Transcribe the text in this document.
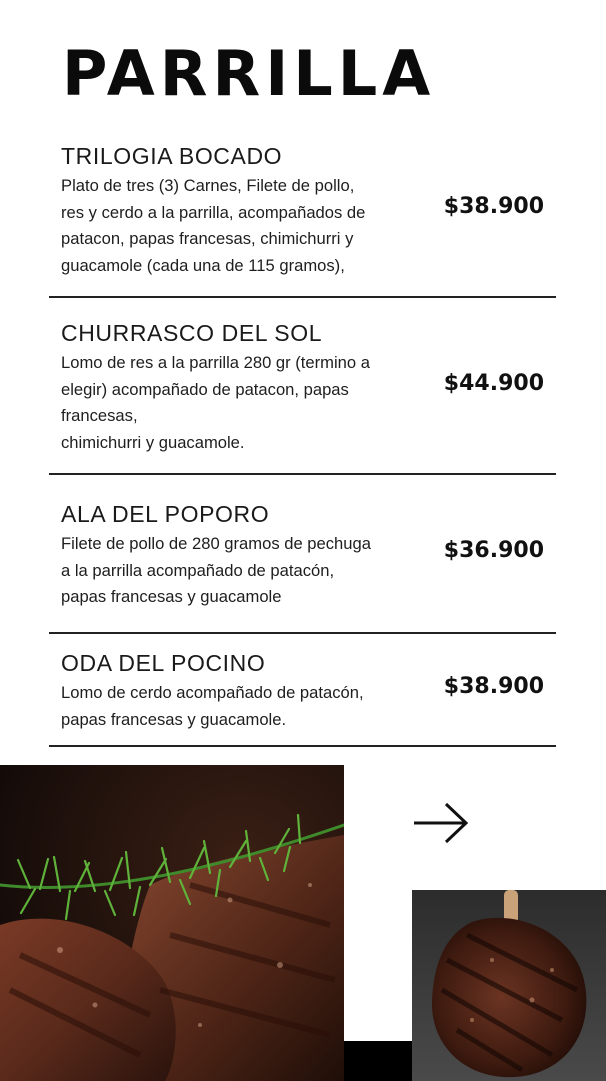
PARRILLA
TRILOGIA BOCADO
Plato de tres (3) Carnes, Filete de pollo,
res y cerdo a la parrilla, acompañados de
patacon, papas francesas, chimichurri y
guacamole (cada una de 115 gramos),
$38.900
CHURRASCO DEL SOL
Lomo de res a la parrilla 280 gr (termino a
elegir) acompañado de patacon, papas
francesas,
chimichurri y guacamole.
$44.900
ALA DEL POPORO
Filete de pollo de 280 gramos de pechuga
a la parrilla acompañado de patacón,
papas francesas y guacamole
$36.900
ODA DEL POCINO
Lomo de cerdo acompañado de patacón,
papas francesas y guacamole.
$38.900
